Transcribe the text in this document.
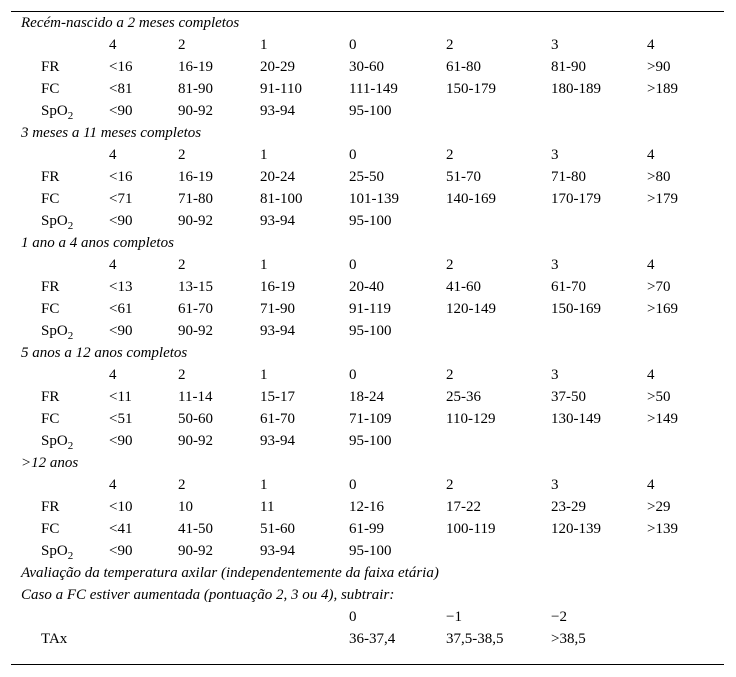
Recém-nascido a 2 meses completos							
	4	2	1	0	2	3	4
FR	<16	16-19	20-29	30-60	61-80	81-90	>90
FC	<81	81-90	91-110	111-149	150-179	180-189	>189
SpO$_2$	<90	90-92	93-94	95-100			
3 meses a 11 meses completos							
	4	2	1	0	2	3	4
FR	<16	16-19	20-24	25-50	51-70	71-80	>80
FC	<71	71-80	81-100	101-139	140-169	170-179	>179
SpO$_2$	<90	90-92	93-94	95-100			
1 ano a 4 anos completos							
	4	2	1	0	2	3	4
FR	<13	13-15	16-19	20-40	41-60	61-70	>70
FC	<61	61-70	71-90	91-119	120-149	150-169	>169
SpO$_2$	<90	90-92	93-94	95-100			
5 anos a 12 anos completos							
	4	2	1	0	2	3	4
FR	<11	11-14	15-17	18-24	25-36	37-50	>50
FC	<51	50-60	61-70	71-109	110-129	130-149	>149
SpO$_2$	<90	90-92	93-94	95-100			
>12 anos							
	4	2	1	0	2	3	4
FR	<10	10	11	12-16	17-22	23-29	>29
FC	<41	41-50	51-60	61-99	100-119	120-139	>139
SpO$_2$	<90	90-92	93-94	95-100			
Avaliação da temperatura axilar (independentemente da faixa etária)							
Caso a FC estiver aumentada (pontuação 2, 3 ou 4), subtrair:							
				0	−1	−2	
TAx				36-37,4	37,5-38,5	>38,5	
